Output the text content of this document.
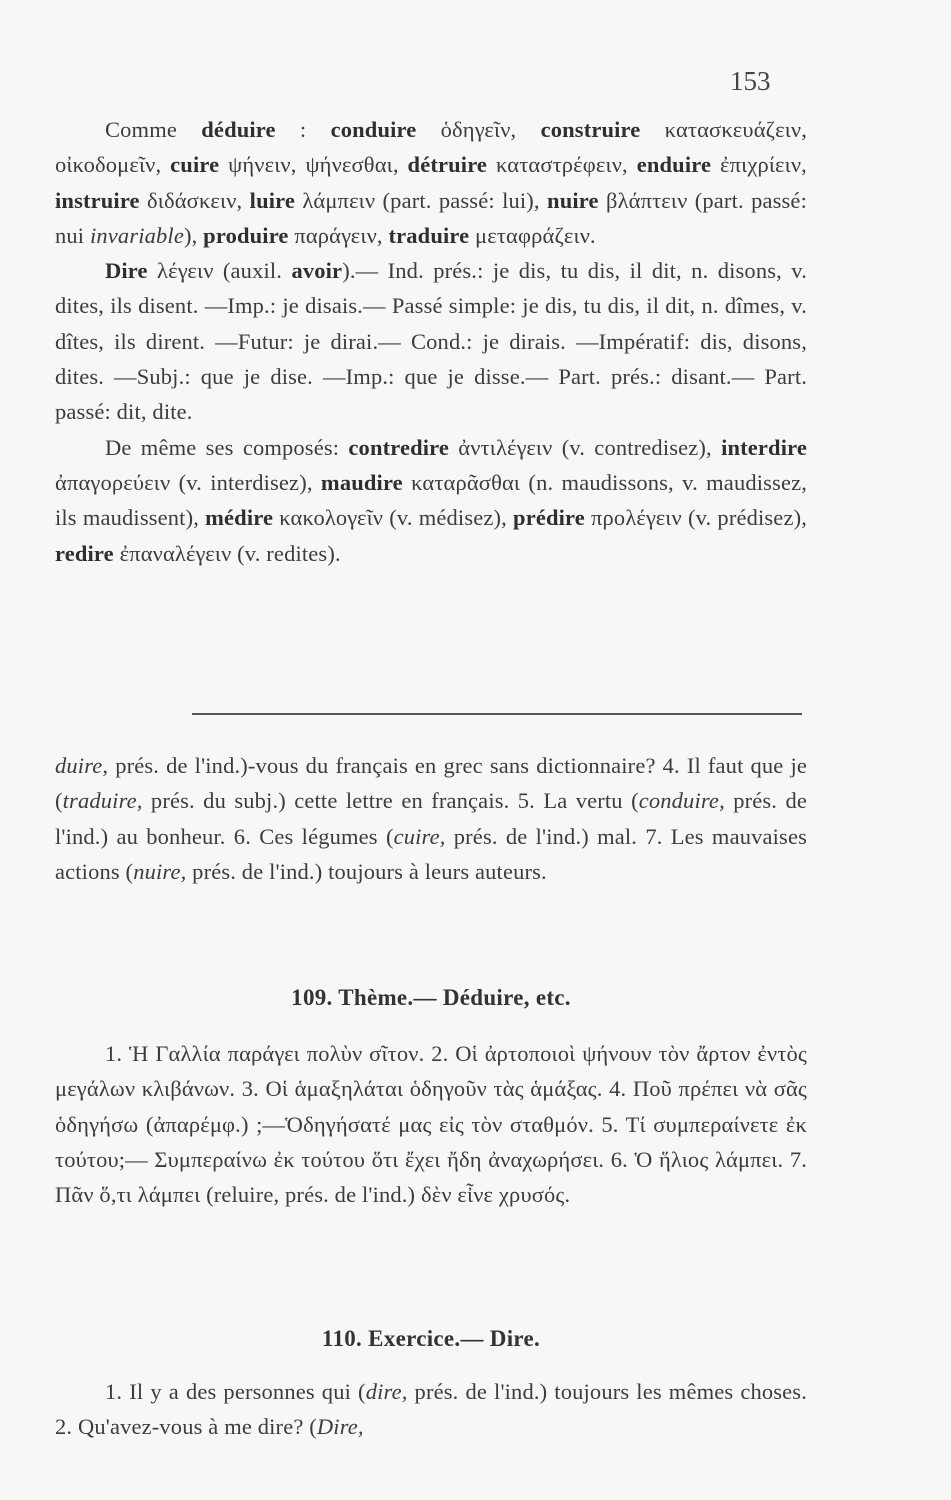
153

Comme déduire : conduire ὁδηγεῖν, construire κατασκευάζειν, οἰκοδομεῖν, cuire ψήνειν, ψήνεσθαι, détruire καταστρέφειν, enduire ἐπιχρίειν, instruire διδάσκειν, luire λάμπειν (part. passé: lui), nuire βλάπτειν (part. passé: nui invariable), produire παράγειν, traduire μεταφράζειν.

Dire λέγειν (auxil. avoir).— Ind. prés.: je dis, tu dis, il dit, n. disons, v. dites, ils disent. —Imp.: je disais.— Passé simple: je dis, tu dis, il dit, n. dîmes, v. dîtes, ils dirent. —Futur: je dirai.— Cond.: je dirais. —Impératif: dis, disons, dites. —Subj.: que je dise. —Imp.: que je disse.— Part. prés.: disant.— Part. passé: dit, dite.

De même ses composés: contredire ἀντιλέγειν (v. contredisez), interdire ἀπαγορεύειν (v. interdisez), maudire καταρᾶσθαι (n. maudissons, v. maudissez, ils maudissent), médire κακολογεῖν (v. médisez), prédire προλέγειν (v. prédisez), redire ἐπαναλέγειν (v. redites).

duire, prés. de l'ind.)-vous du français en grec sans dictionnaire? 4. Il faut que je (traduire, prés. du subj.) cette lettre en français. 5. La vertu (conduire, prés. de l'ind.) au bonheur. 6. Ces légumes (cuire, prés. de l'ind.) mal. 7. Les mauvaises actions (nuire, prés. de l'ind.) toujours à leurs auteurs.

109. Thème.— Déduire, etc.

1. Ἡ Γαλλία παράγει πολὺν σῖτον. 2. Οἱ ἀρτοποιοὶ ψήνουν τὸν ἄρτον ἐντὸς μεγάλων κλιβάνων. 3. Οἱ ἁμαξηλάται ὁδηγοῦν τὰς ἁμάξας. 4. Ποῦ πρέπει νὰ σᾶς ὁδηγήσω (ἀπαρέμφ.) ;—Ὁδηγήσατέ μας εἰς τὸν σταθμόν. 5. Τί συμπεραίνετε ἐκ τούτου;— Συμπεραίνω ἐκ τούτου ὅτι ἔχει ἤδη ἀναχωρήσει. 6. Ὁ ἥλιος λάμπει. 7. Πᾶν ὅ,τι λάμπει (reluire, prés. de l'ind.) δὲν εἶνε χρυσός.

110. Exercice.— Dire.

1. Il y a des personnes qui (dire, prés. de l'ind.) toujours les mêmes choses. 2. Qu'avez-vous à me dire? (Dire,
